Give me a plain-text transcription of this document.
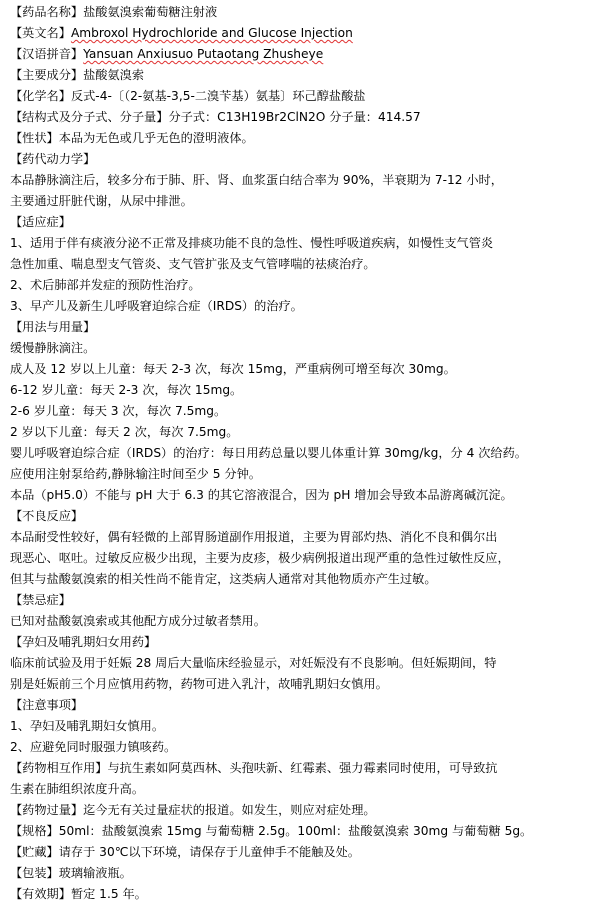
【药品名称】盐酸氨溴索葡萄糖注射液
【英文名】Ambroxol Hydrochloride and Glucose Injection
【汉语拼音】Yansuan Anxiusuo Putaotang Zhusheye
【主要成分】盐酸氨溴索
【化学名】反式-4-〔（2-氨基-3,5-二溴苄基）氨基〕环己醇盐酸盐
【结构式及分子式、分子量】分子式：C13H19Br2ClN2O 分子量：414.57
【性状】本品为无色或几乎无色的澄明液体。
【药代动力学】
本品静脉滴注后，较多分布于肺、肝、肾、血浆蛋白结合率为 90%，半衰期为 7-12 小时，
主要通过肝脏代谢，从尿中排泄。
【适应症】
1、适用于伴有痰液分泌不正常及排痰功能不良的急性、慢性呼吸道疾病，如慢性支气管炎
急性加重、喘息型支气管炎、支气管扩张及支气管哮喘的祛痰治疗。
2、术后肺部并发症的预防性治疗。
3、早产儿及新生儿呼吸窘迫综合症（IRDS）的治疗。
【用法与用量】
缓慢静脉滴注。
成人及 12 岁以上儿童：每天 2-3 次，每次 15mg，严重病例可增至每次 30mg。
6-12 岁儿童：每天 2-3 次，每次 15mg。
2-6 岁儿童：每天 3 次，每次 7.5mg。
2 岁以下儿童：每天 2 次，每次 7.5mg。
婴儿呼吸窘迫综合症（IRDS）的治疗：每日用药总量以婴儿体重计算 30mg/kg，分 4 次给药。
应使用注射泵给药,静脉输注时间至少 5 分钟。
本品（pH5.0）不能与 pH 大于 6.3 的其它溶液混合，因为 pH 增加会导致本品游离碱沉淀。
【不良反应】
本品耐受性较好，偶有轻微的上部胃肠道副作用报道，主要为胃部灼热、消化不良和偶尔出
现恶心、呕吐。过敏反应极少出现，主要为皮疹，极少病例报道出现严重的急性过敏性反应，
但其与盐酸氨溴索的相关性尚不能肯定，这类病人通常对其他物质亦产生过敏。
【禁忌症】
已知对盐酸氨溴索或其他配方成分过敏者禁用。
【孕妇及哺乳期妇女用药】
临床前试验及用于妊娠 28 周后大量临床经验显示，对妊娠没有不良影响。但妊娠期间，特
别是妊娠前三个月应慎用药物，药物可进入乳汁，故哺乳期妇女慎用。
【注意事项】
1、孕妇及哺乳期妇女慎用。
2、应避免同时服强力镇咳药。
【药物相互作用】与抗生素如阿莫西林、头孢呋新、红霉素、强力霉素同时使用，可导致抗
生素在肺组织浓度升高。
【药物过量】迄今无有关过量症状的报道。如发生，则应对症处理。
【规格】50ml：盐酸氨溴索 15mg 与葡萄糖 2.5g。100ml：盐酸氨溴索 30mg 与葡萄糖 5g。
【贮藏】请存于 30℃以下环境，请保存于儿童伸手不能触及处。
【包装】玻璃输液瓶。
【有效期】暂定 1.5 年。
